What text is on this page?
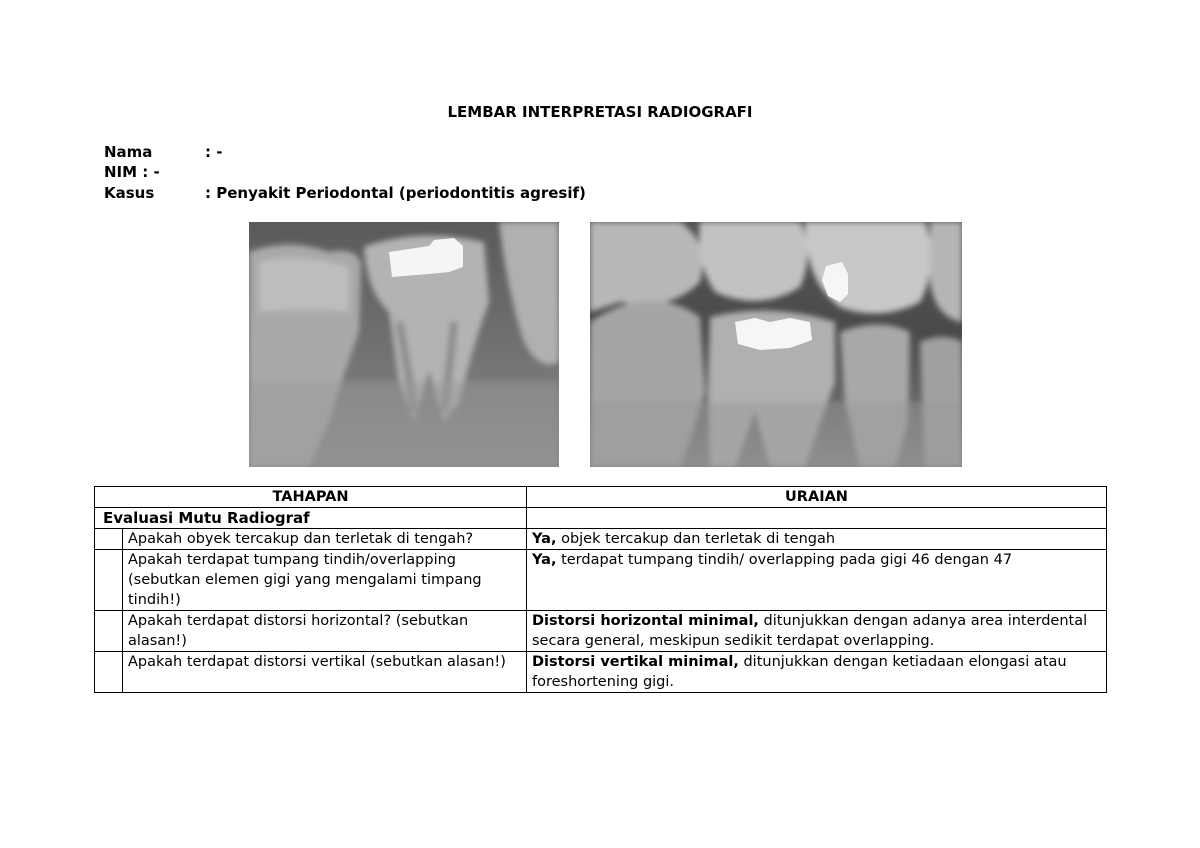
LEMBAR INTERPRETASI RADIOGRAFI
Nama	: -
NIM : -
Kasus	: Penyakit Periodontal (periodontitis agresif)
TAHAPAN		URAIAN
Evaluasi Mutu Radiograf		
	Apakah obyek tercakup dan terletak di tengah?	Ya, objek tercakup dan terletak di tengah
	Apakah terdapat tumpang tindih/overlapping (sebutkan elemen gigi yang mengalami timpang tindih!)	Ya, terdapat tumpang tindih/ overlapping pada gigi 46 dengan 47
	Apakah terdapat distorsi horizontal? (sebutkan alasan!)	Distorsi horizontal minimal, ditunjukkan dengan adanya area interdental secara general, meskipun sedikit terdapat overlapping.
	Apakah terdapat distorsi vertikal (sebutkan alasan!)	Distorsi vertikal minimal, ditunjukkan dengan ketiadaan elongasi atau foreshortening gigi.
